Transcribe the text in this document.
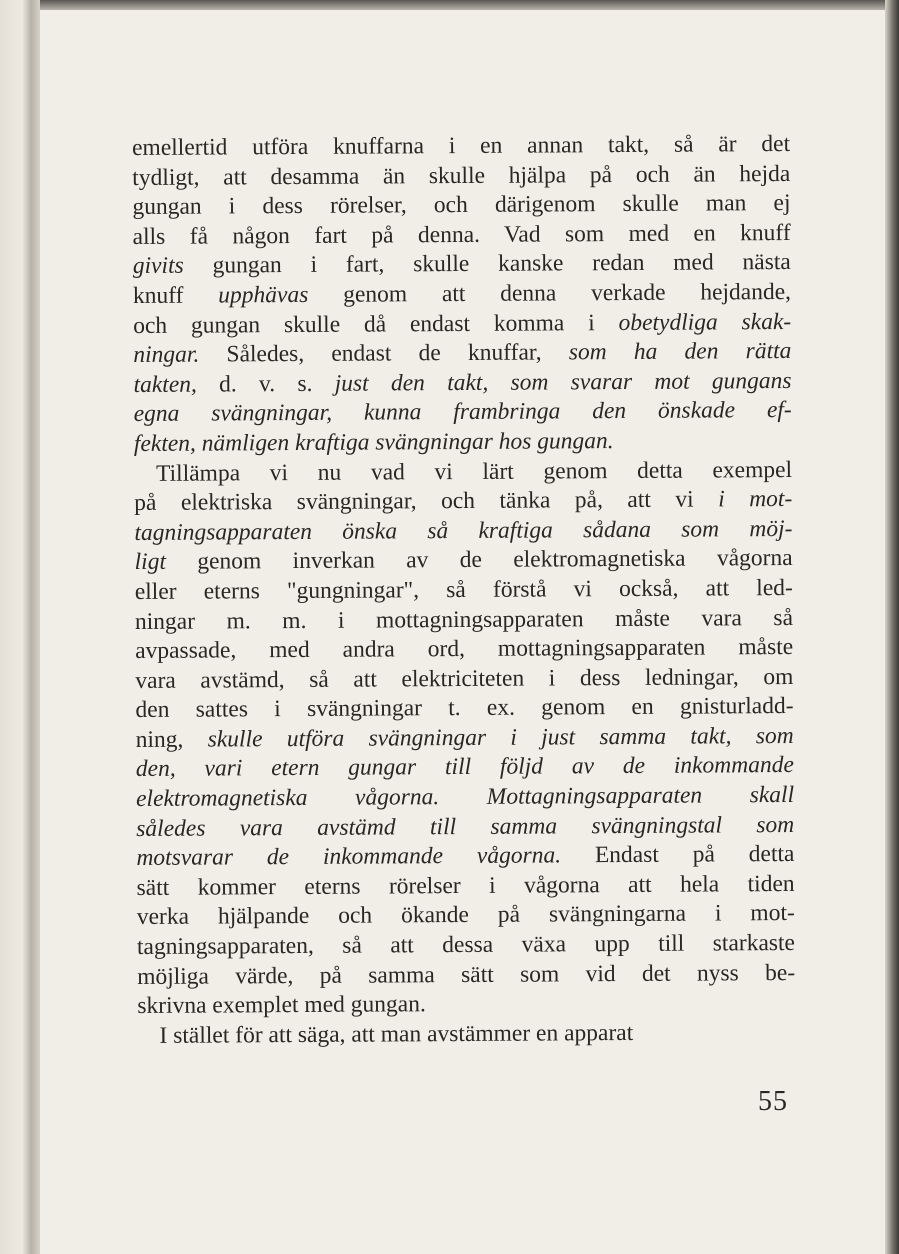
emellertid utföra knuffarna i en annan takt, så är det
tydligt, att desamma än skulle hjälpa på och än hejda
gungan i dess rörelser, och därigenom skulle man ej
alls få någon fart på denna. Vad som med en knuff
givits gungan i fart, skulle kanske redan med nästa
knuff upphävas genom att denna verkade hejdande,
och gungan skulle då endast komma i obetydliga skak-
ningar. Således, endast de knuffar, som ha den rätta
takten, d. v. s. just den takt, som svarar mot gungans
egna svängningar, kunna frambringa den önskade ef-
fekten, nämligen kraftiga svängningar hos gungan.
Tillämpa vi nu vad vi lärt genom detta exempel
på elektriska svängningar, och tänka på, att vi i mot-
tagningsapparaten önska så kraftiga sådana som möj-
ligt genom inverkan av de elektromagnetiska vågorna
eller eterns "gungningar", så förstå vi också, att led-
ningar m. m. i mottagningsapparaten måste vara så
avpassade, med andra ord, mottagningsapparaten måste
vara avstämd, så att elektriciteten i dess ledningar, om
den sattes i svängningar t. ex. genom en gnisturladd-
ning, skulle utföra svängningar i just samma takt, som
den, vari etern gungar till följd av de inkommande
elektromagnetiska vågorna. Mottagningsapparaten skall
således vara avstämd till samma svängningstal som
motsvarar de inkommande vågorna. Endast på detta
sätt kommer eterns rörelser i vågorna att hela tiden
verka hjälpande och ökande på svängningarna i mot-
tagningsapparaten, så att dessa växa upp till starkaste
möjliga värde, på samma sätt som vid det nyss be-
skrivna exemplet med gungan.
I stället för att säga, att man avstämmer en apparat
55
